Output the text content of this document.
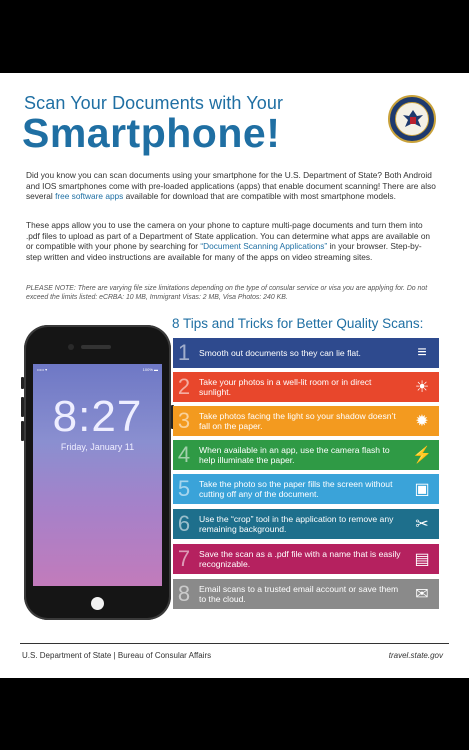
Scan Your Documents with Your
Smartphone!
Did you know you can scan documents using your smartphone for the U.S. Department of State? Both Android and IOS smartphones come with pre-loaded applications (apps) that enable document scanning! There are also several free software apps available for download that are compatible with most smartphone models.
These apps allow you to use the camera on your phone to capture multi-page documents and turn them into .pdf files to upload as part of a Department of State application. You can determine what apps are available on or compatible with your phone by searching for “Document Scanning Applications” in your browser. Step-by-step written and video instructions are available for many of the apps on video streaming sites.
PLEASE NOTE: There are varying file size limitations depending on the type of consular service or visa you are applying for. Do not exceed the limits listed: eCRBA: 10 MB, Immigrant Visas: 2 MB, Visa Photos: 240 KB.
••••• ▾	100% ▬
8:27
Friday, January 11
8 Tips and Tricks for Better Quality Scans:
1	Smooth out documents so they can lie flat.	≡
2	Take your photos in a well-lit room or in direct sunlight.	☀
3	Take photos facing the light so your shadow doesn’t fall on the paper.	✹
4	When available in an app, use the camera flash to help illuminate the paper.	⚡
5	Take the photo so the paper fills the screen without cutting off any of the document.	▣
6	Use the “crop” tool in the application to remove any remaining background.	✂
7	Save the scan as a .pdf file with a name that is easily recognizable.	▤
8	Email scans to a trusted email account or save them to the cloud.	✉
U.S. Department of State | Bureau of Consular Affairs	travel.state.gov
